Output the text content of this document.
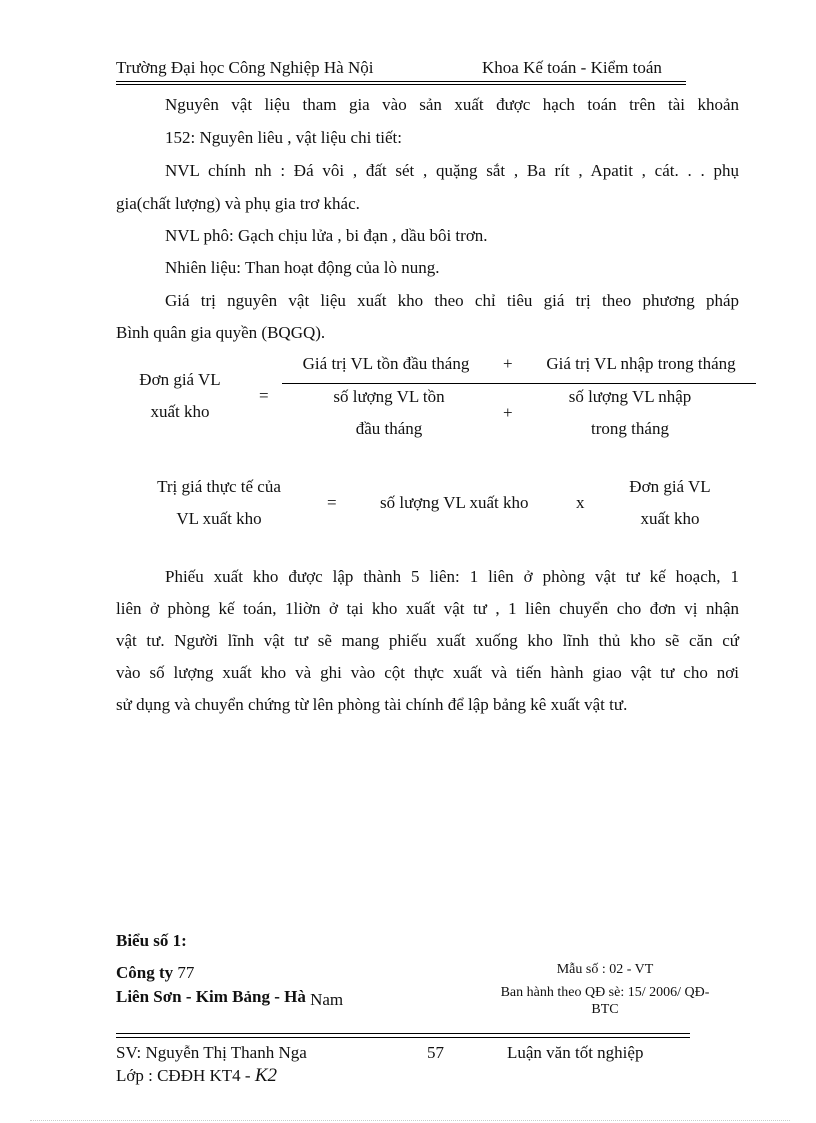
Trường Đại học Công Nghiệp Hà Nội	Khoa Kế toán - Kiểm toán
Nguyên vật liệu tham gia vào sản xuất được hạch toán trên tài khoản
152: Nguyên liêu , vật liệu chi tiết:
NVL chính nh : Đá vôi , đất sét , quặng sắt , Ba rít , Apatit , cát. . . phụ
gia(chất lượng) và phụ gia trơ khác.
NVL phô: Gạch chịu lửa , bi đạn , dầu bôi trơn.
Nhiên liệu: Than hoạt động của lò nung.
Giá trị nguyên vật liệu xuất kho theo chỉ tiêu giá trị theo phương pháp
Bình quân gia quyền (BQGQ).
Đơn giá VL
xuất kho
=
Giá trị VL tồn đầu tháng	+	Giá trị VL nhập trong tháng
số lượng VL tồn
đầu tháng
+
số lượng VL nhập
trong tháng
Trị giá thực tế của
VL xuất kho
=	số lượng VL xuất kho	x
Đơn giá VL
xuất kho
Phiếu xuất kho được lập thành 5 liên: 1 liên ở phòng vật tư kế hoạch, 1
liên ở phòng kế toán, 1liờn ở tại kho xuất vật tư , 1 liên chuyển cho đơn vị nhận
vật tư. Người lĩnh vật tư sẽ mang phiếu xuất xuống kho lĩnh thủ kho sẽ căn cứ
vào số lượng xuất kho và ghi vào cột thực xuất và tiến hành giao vật tư cho nơi
sử dụng và chuyển chứng từ lên phòng tài chính để lập bảng kê xuất vật tư.
Biểu số 1:
Công ty 77
Liên Sơn - Kim Bảng - Hà Nam
Mẫu số : 02 - VT
Ban hành theo QĐ sè: 15/ 2006/ QĐ-
BTC
SV: Nguyễn Thị Thanh Nga	57	Luận văn tốt nghiệp
Lớp : CĐĐH KT4 - K2
